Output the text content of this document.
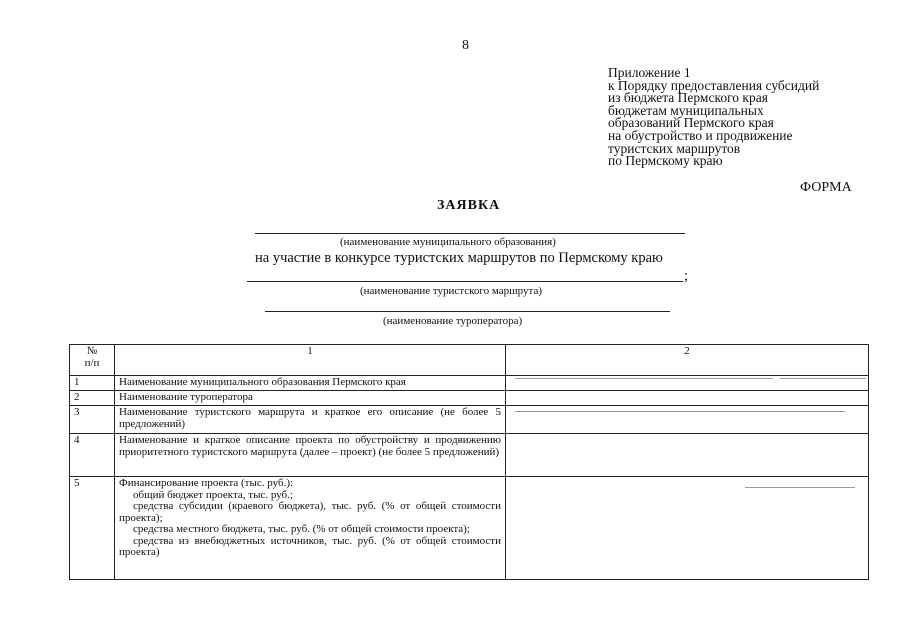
8
Приложение 1
к Порядку предоставления субсидий
из бюджета Пермского края
бюджетам муниципальных
образований Пермского края
на обустройство и продвижение
туристских маршрутов
по Пермскому краю
ФОРМА
ЗАЯВКА
(наименование муниципального образования)
на участие в конкурсе туристских маршрутов по Пермскому краю
;
(наименование туристского маршрута)
(наименование туроператора)
№
п/п	1	2
1	Наименование муниципального образования Пермского края	
2	Наименование туроператора	
3	Наименование туристского маршрута и краткое его описание (не более 5 предложений)	
4	Наименование и краткое описание проекта по обустройству и продвижению приоритетного туристского маршрута (далее – проект) (не более 5 предложений)	
5	Финансирование проекта (тыс. руб.):
общий бюджет проекта, тыс. руб.;
средства субсидии (краевого бюджета), тыс. руб. (% от общей стоимости проекта);
средства местного бюджета, тыс. руб. (% от общей стоимости проекта);
средства из внебюджетных источников, тыс. руб. (% от общей стоимости проекта)	
